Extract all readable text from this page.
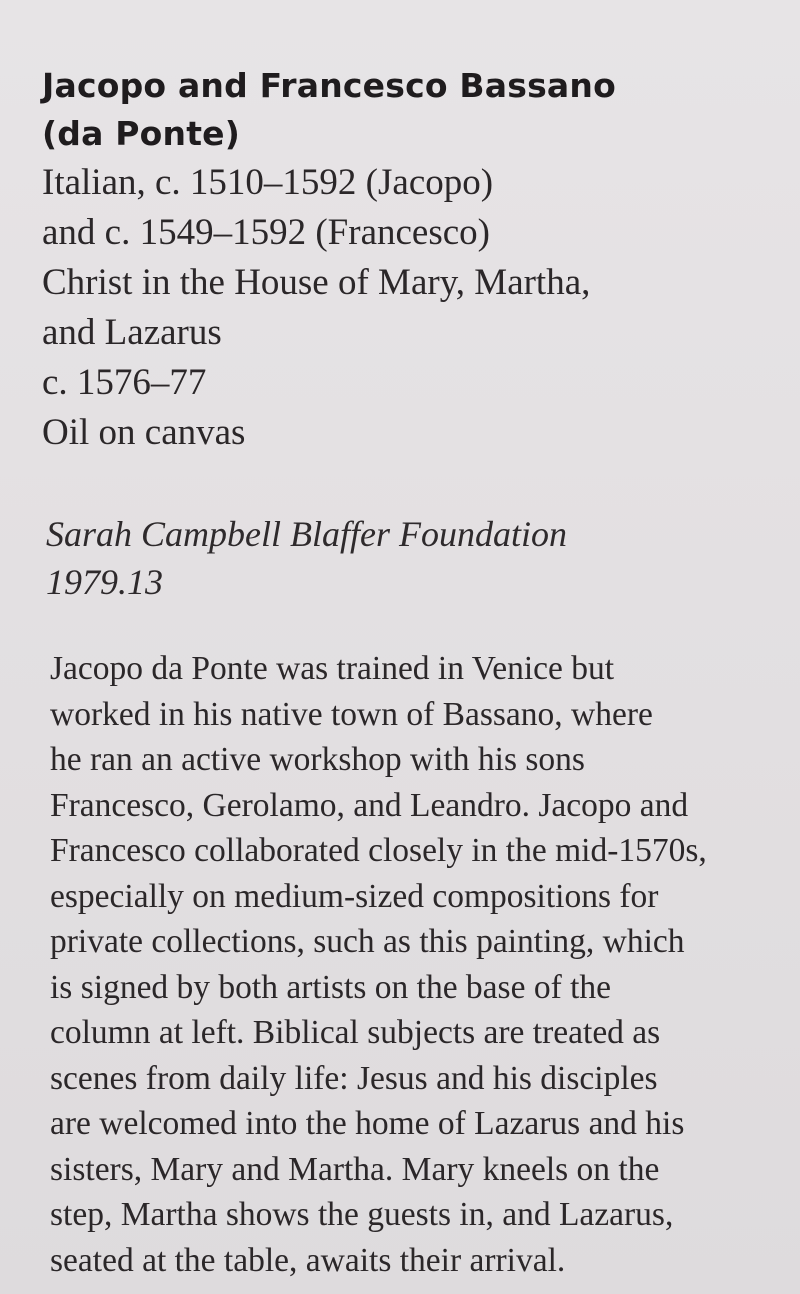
Jacopo and Francesco Bassano
(da Ponte)
Italian, c. 1510–1592 (Jacopo)
and c. 1549–1592 (Francesco)
Christ in the House of Mary, Martha,
and Lazarus
c. 1576–77
Oil on canvas
Sarah Campbell Blaffer Foundation
1979.13
Jacopo da Ponte was trained in Venice but
worked in his native town of Bassano, where
he ran an active workshop with his sons
Francesco, Gerolamo, and Leandro. Jacopo and
Francesco collaborated closely in the mid-1570s,
especially on medium-sized compositions for
private collections, such as this painting, which
is signed by both artists on the base of the
column at left. Biblical subjects are treated as
scenes from daily life: Jesus and his disciples
are welcomed into the home of Lazarus and his
sisters, Mary and Martha. Mary kneels on the
step, Martha shows the guests in, and Lazarus,
seated at the table, awaits their arrival.
